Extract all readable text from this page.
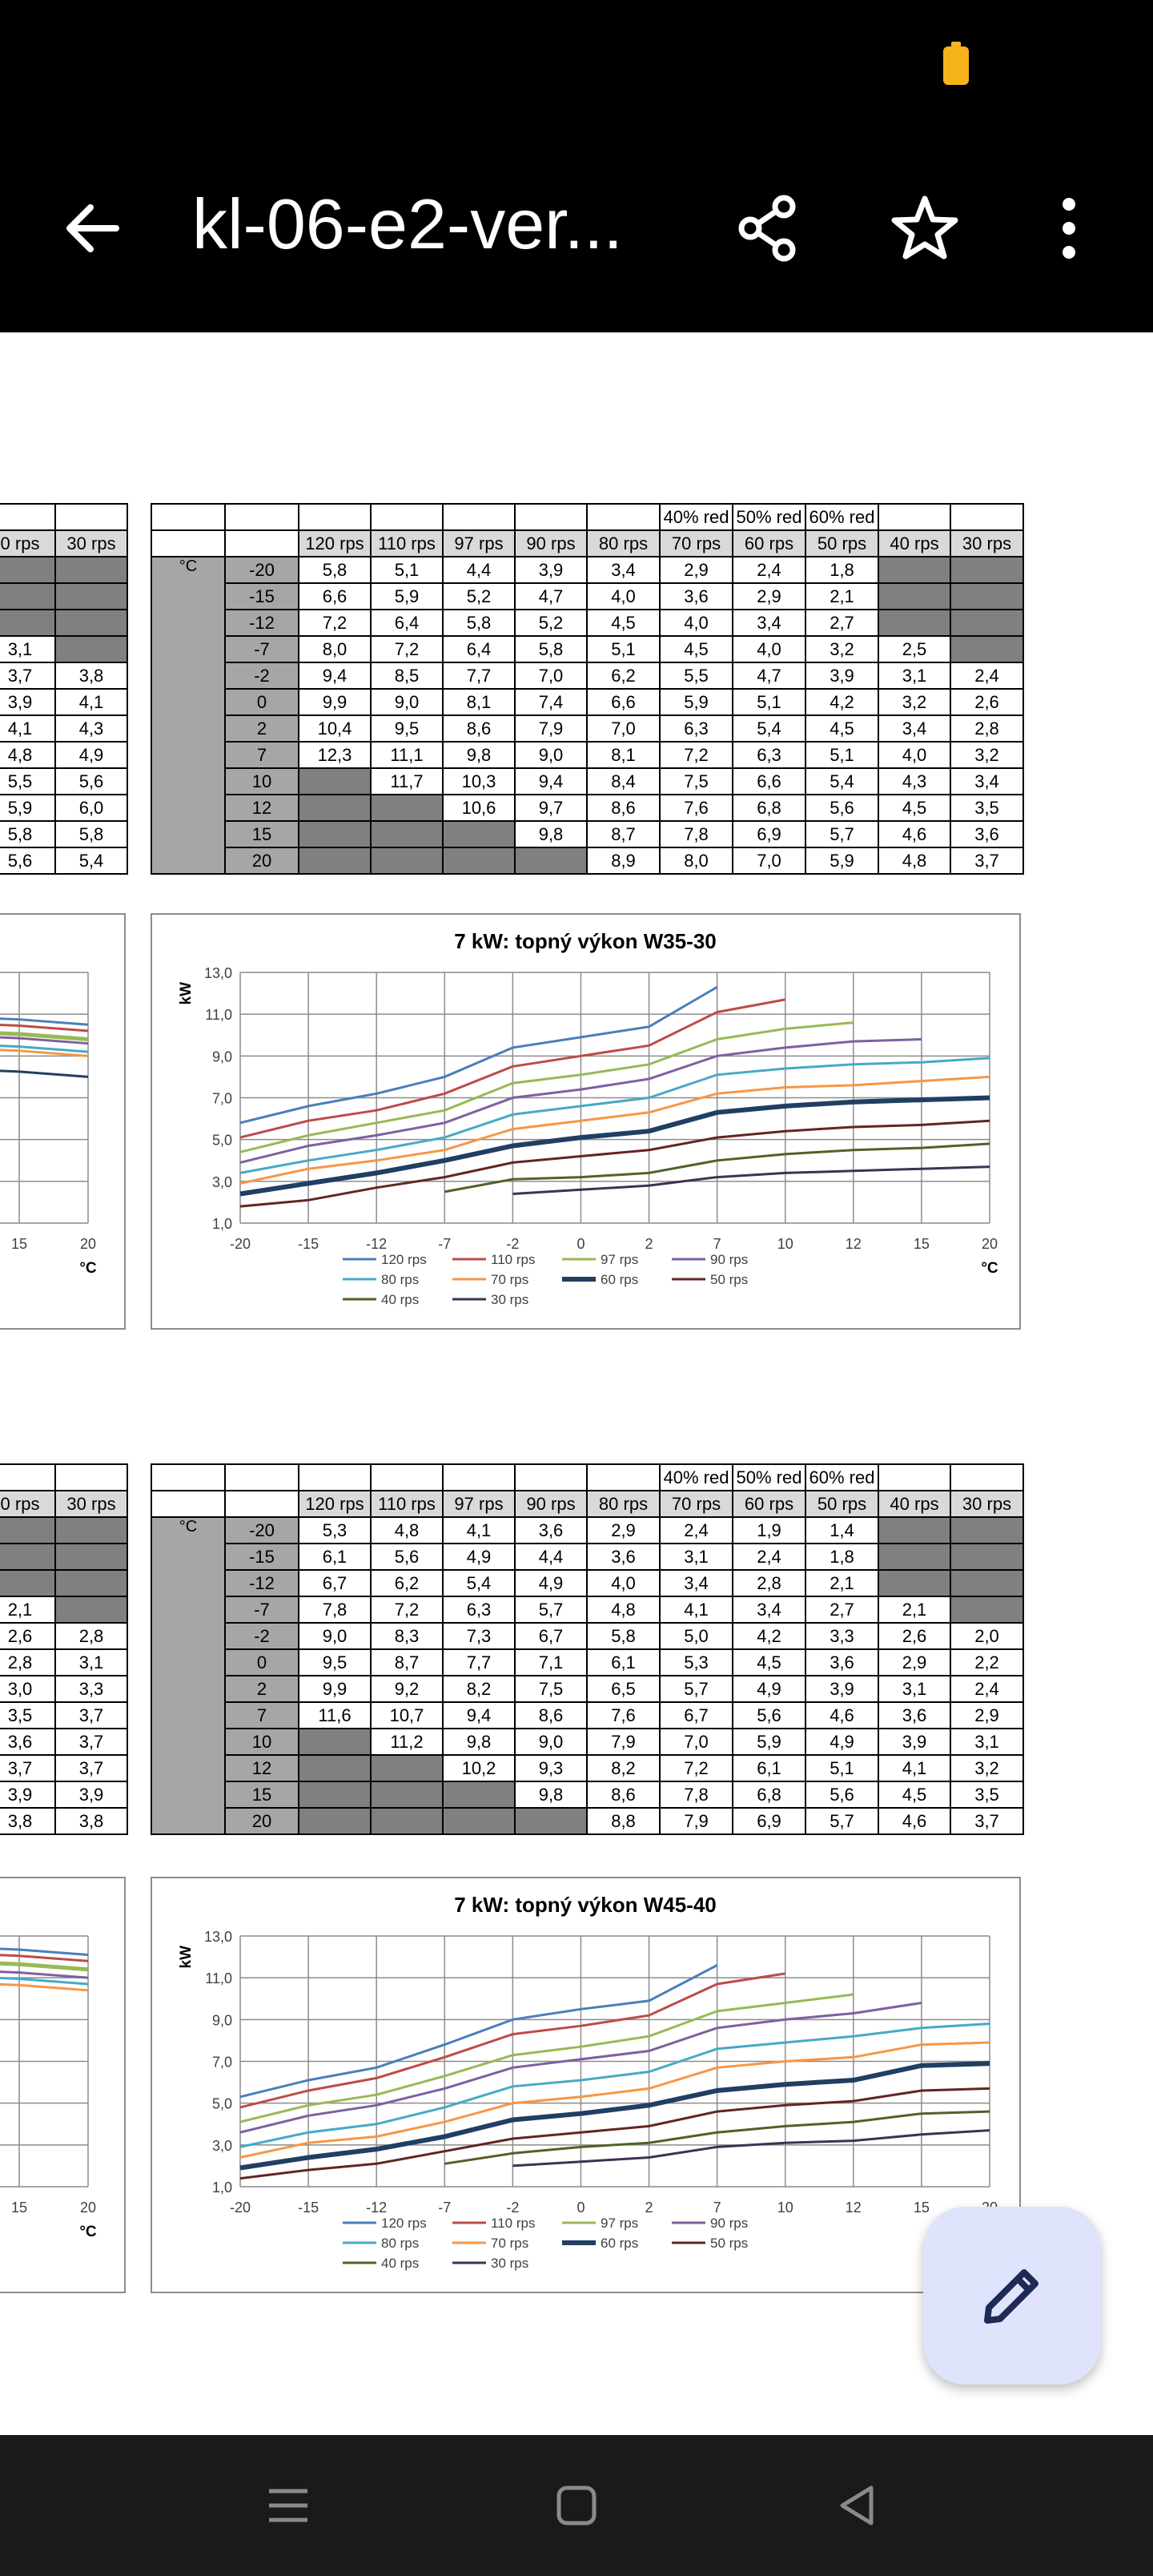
kl-06-e2-ver...

0 rps	30 rps

3,1	
3,7	3,8
3,9	4,1
4,1	4,3
4,8	4,9
5,5	5,6
5,9	6,0
5,8	5,8
5,6	5,4
							40% red	50% red	60% red		
		120 rps	110 rps	97 rps	90 rps	80 rps	70 rps	60 rps	50 rps	40 rps	30 rps
°C	-20	5,8	5,1	4,4	3,9	3,4	2,9	2,4	1,8		
	-15	6,6	5,9	5,2	4,7	4,0	3,6	2,9	2,1		
	-12	7,2	6,4	5,8	5,2	4,5	4,0	3,4	2,7		
	-7	8,0	7,2	6,4	5,8	5,1	4,5	4,0	3,2	2,5	
	-2	9,4	8,5	7,7	7,0	6,2	5,5	4,7	3,9	3,1	2,4
	0	9,9	9,0	8,1	7,4	6,6	5,9	5,1	4,2	3,2	2,6
	2	10,4	9,5	8,6	7,9	7,0	6,3	5,4	4,5	3,4	2,8
	7	12,3	11,1	9,8	9,0	8,1	7,2	6,3	5,1	4,0	3,2
	10		11,7	10,3	9,4	8,4	7,5	6,6	5,4	4,3	3,4
	12			10,6	9,7	8,6	7,6	6,8	5,6	4,5	3,5
	15				9,8	8,7	7,8	6,9	5,7	4,6	3,6
	20					8,9	8,0	7,0	5,9	4,8	3,7
15	20
°C
7 kW: topný výkon W35-30
1,0
3,0
5,0
7,0
9,0
11,0
13,0
-20	-15	-12	-7	-2	0	2	7	10	12	15	20
kW
°C
120 rps	110 rps	97 rps	90 rps
80 rps	70 rps	60 rps	50 rps
40 rps	30 rps

0 rps	30 rps

2,1	
2,6	2,8
2,8	3,1
3,0	3,3
3,5	3,7
3,6	3,7
3,7	3,7
3,9	3,9
3,8	3,8
							40% red	50% red	60% red		
		120 rps	110 rps	97 rps	90 rps	80 rps	70 rps	60 rps	50 rps	40 rps	30 rps
°C	-20	5,3	4,8	4,1	3,6	2,9	2,4	1,9	1,4		
	-15	6,1	5,6	4,9	4,4	3,6	3,1	2,4	1,8		
	-12	6,7	6,2	5,4	4,9	4,0	3,4	2,8	2,1		
	-7	7,8	7,2	6,3	5,7	4,8	4,1	3,4	2,7	2,1	
	-2	9,0	8,3	7,3	6,7	5,8	5,0	4,2	3,3	2,6	2,0
	0	9,5	8,7	7,7	7,1	6,1	5,3	4,5	3,6	2,9	2,2
	2	9,9	9,2	8,2	7,5	6,5	5,7	4,9	3,9	3,1	2,4
	7	11,6	10,7	9,4	8,6	7,6	6,7	5,6	4,6	3,6	2,9
	10		11,2	9,8	9,0	7,9	7,0	5,9	4,9	3,9	3,1
	12			10,2	9,3	8,2	7,2	6,1	5,1	4,1	3,2
	15				9,8	8,6	7,8	6,8	5,6	4,5	3,5
	20					8,8	7,9	6,9	5,7	4,6	3,7
15	20
°C
7 kW: topný výkon W45-40
1,0
3,0
5,0
7,0
9,0
11,0
13,0
-20	-15	-12	-7	-2	0	2	7	10	12	15
kW
120 rps	110 rps	97 rps	90 rps
80 rps	70 rps	60 rps	50 rps
40 rps	30 rps
